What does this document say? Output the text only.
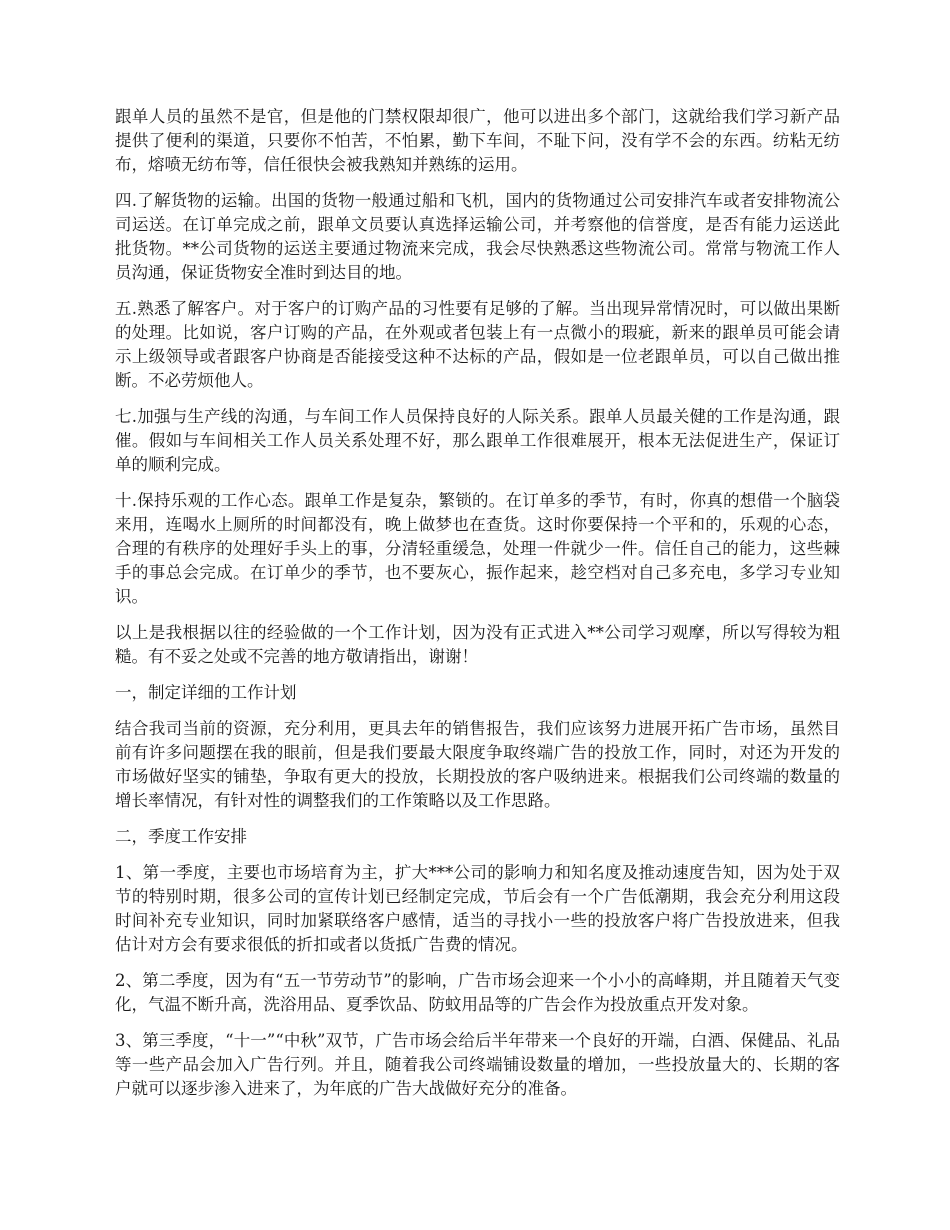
跟单人员的虽然不是官，但是他的门禁权限却很广，他可以进出多个部门，这就给我们学习新产品提供了便利的渠道，只要你不怕苦，不怕累，勤下车间，不耻下问，没有学不会的东西。纺粘无纺布，熔喷无纺布等，信任很快会被我熟知并熟练的运用。

四.了解货物的运输。出国的货物一般通过船和飞机，国内的货物通过公司安排汽车或者安排物流公司运送。在订单完成之前，跟单文员要认真选择运输公司，并考察他的信誉度，是否有能力运送此批货物。**公司货物的运送主要通过物流来完成，我会尽快熟悉这些物流公司。常常与物流工作人员沟通，保证货物安全准时到达目的地。

五.熟悉了解客户。对于客户的订购产品的习性要有足够的了解。当出现异常情况时，可以做出果断的处理。比如说，客户订购的产品，在外观或者包装上有一点微小的瑕疵，新来的跟单员可能会请示上级领导或者跟客户协商是否能接受这种不达标的产品，假如是一位老跟单员，可以自己做出推断。不必劳烦他人。

七.加强与生产线的沟通，与车间工作人员保持良好的人际关系。跟单人员最关健的工作是沟通，跟催。假如与车间相关工作人员关系处理不好，那么跟单工作很难展开，根本无法促进生产，保证订单的顺利完成。

十.保持乐观的工作心态。跟单工作是复杂，繁锁的。在订单多的季节，有时，你真的想借一个脑袋来用，连喝水上厕所的时间都没有，晚上做梦也在查货。这时你要保持一个平和的，乐观的心态，合理的有秩序的处理好手头上的事，分清轻重缓急，处理一件就少一件。信任自己的能力，这些棘手的事总会完成。在订单少的季节，也不要灰心，振作起来，趁空档对自己多充电，多学习专业知识。

以上是我根据以往的经验做的一个工作计划，因为没有正式进入**公司学习观摩，所以写得较为粗糙。有不妥之处或不完善的地方敬请指出，谢谢！

一，制定详细的工作计划

结合我司当前的资源，充分利用，更具去年的销售报告，我们应该努力进展开拓广告市场，虽然目前有许多问题摆在我的眼前，但是我们要最大限度争取终端广告的投放工作，同时，对还为开发的市场做好坚实的铺垫，争取有更大的投放，长期投放的客户吸纳进来。根据我们公司终端的数量的增长率情况，有针对性的调整我们的工作策略以及工作思路。

二，季度工作安排

1、第一季度，主要也市场培育为主，扩大***公司的影响力和知名度及推动速度告知，因为处于双节的特别时期，很多公司的宣传计划已经制定完成，节后会有一个广告低潮期，我会充分利用这段时间补充专业知识，同时加紧联络客户感情，适当的寻找小一些的投放客户将广告投放进来，但我估计对方会有要求很低的折扣或者以货抵广告费的情况。

2、第二季度，因为有“五一节劳动节”的影响，广告市场会迎来一个小小的高峰期，并且随着天气变化，气温不断升高，洗浴用品、夏季饮品、防蚊用品等的广告会作为投放重点开发对象。

3、第三季度，“十一”“中秋”双节，广告市场会给后半年带来一个良好的开端，白酒、保健品、礼品等一些产品会加入广告行列。并且，随着我公司终端铺设数量的增加，一些投放量大的、长期的客户就可以逐步渗入进来了，为年底的广告大战做好充分的准备。
